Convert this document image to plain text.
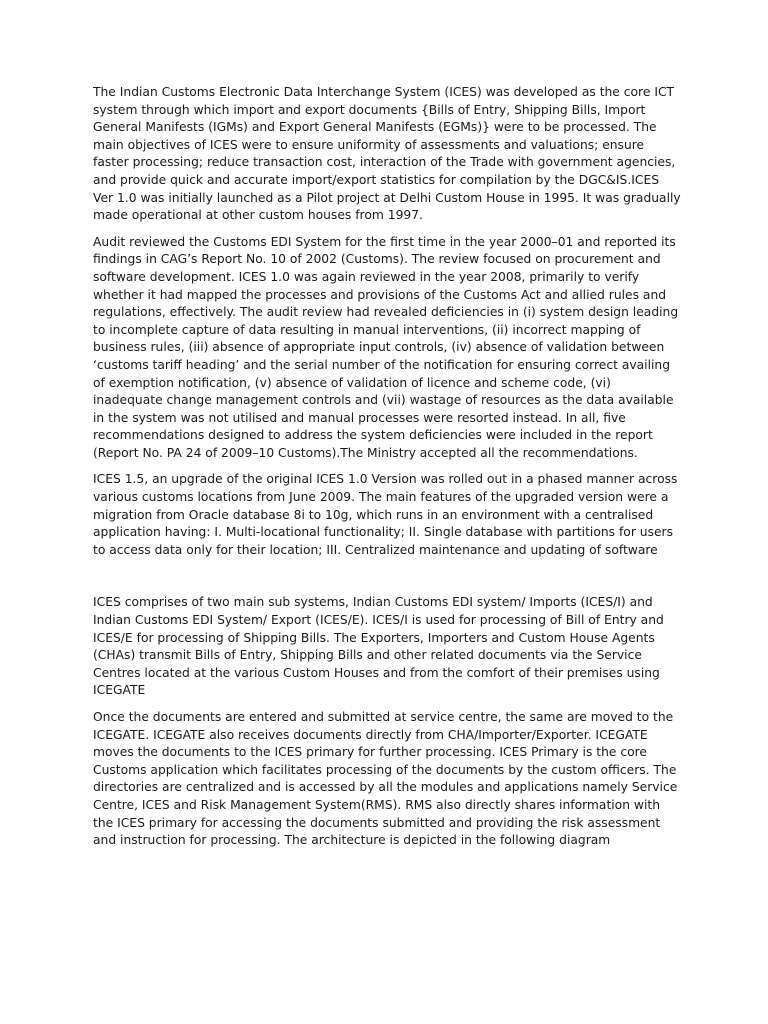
The Indian Customs Electronic Data Interchange System (ICES) was developed as the core ICT system through which import and export documents {Bills of Entry, Shipping Bills, Import General Manifests (IGMs) and Export General Manifests (EGMs)} were to be processed. The main objectives of ICES were to ensure uniformity of assessments and valuations; ensure faster processing; reduce transaction cost, interaction of the Trade with government agencies, and provide quick and accurate import/export statistics for compilation by the DGC&IS.ICES Ver 1.0 was initially launched as a Pilot project at Delhi Custom House in 1995. It was gradually made operational at other custom houses from 1997.

Audit reviewed the Customs EDI System for the first time in the year 2000–01 and reported its findings in CAG’s Report No. 10 of 2002 (Customs). The review focused on procurement and software development. ICES 1.0 was again reviewed in the year 2008, primarily to verify whether it had mapped the processes and provisions of the Customs Act and allied rules and regulations, effectively. The audit review had revealed deficiencies in (i) system design leading to incomplete capture of data resulting in manual interventions, (ii) incorrect mapping of business rules, (iii) absence of appropriate input controls, (iv) absence of validation between ‘customs tariff heading’ and the serial number of the notification for ensuring correct availing of exemption notification, (v) absence of validation of licence and scheme code, (vi) inadequate change management controls and (vii) wastage of resources as the data available in the system was not utilised and manual processes were resorted instead. In all, five recommendations designed to address the system deficiencies were included in the report (Report No. PA 24 of 2009–10 Customs).The Ministry accepted all the recommendations.

ICES 1.5, an upgrade of the original ICES 1.0 Version was rolled out in a phased manner across various customs locations from June 2009. The main features of the upgraded version were a migration from Oracle database 8i to 10g, which runs in an environment with a centralised application having: I. Multi‐locational functionality; II. Single database with partitions for users to access data only for their location; III. Centralized maintenance and updating of software

ICES comprises of two main sub systems, Indian Customs EDI system/ Imports (ICES/I) and Indian Customs EDI System/ Export (ICES/E). ICES/I is used for processing of Bill of Entry and ICES/E for processing of Shipping Bills. The Exporters, Importers and Custom House Agents (CHAs) transmit Bills of Entry, Shipping Bills and other related documents via the Service Centres located at the various Custom Houses and from the comfort of their premises using ICEGATE

Once the documents are entered and submitted at service centre, the same are moved to the ICEGATE. ICEGATE also receives documents directly from CHA/Importer/Exporter. ICEGATE moves the documents to the ICES primary for further processing. ICES Primary is the core Customs application which facilitates processing of the documents by the custom officers. The directories are centralized and is accessed by all the modules and applications namely Service Centre, ICES and Risk Management System(RMS). RMS also directly shares information with the ICES primary for accessing the documents submitted and providing the risk assessment and instruction for processing. The architecture is depicted in the following diagram
